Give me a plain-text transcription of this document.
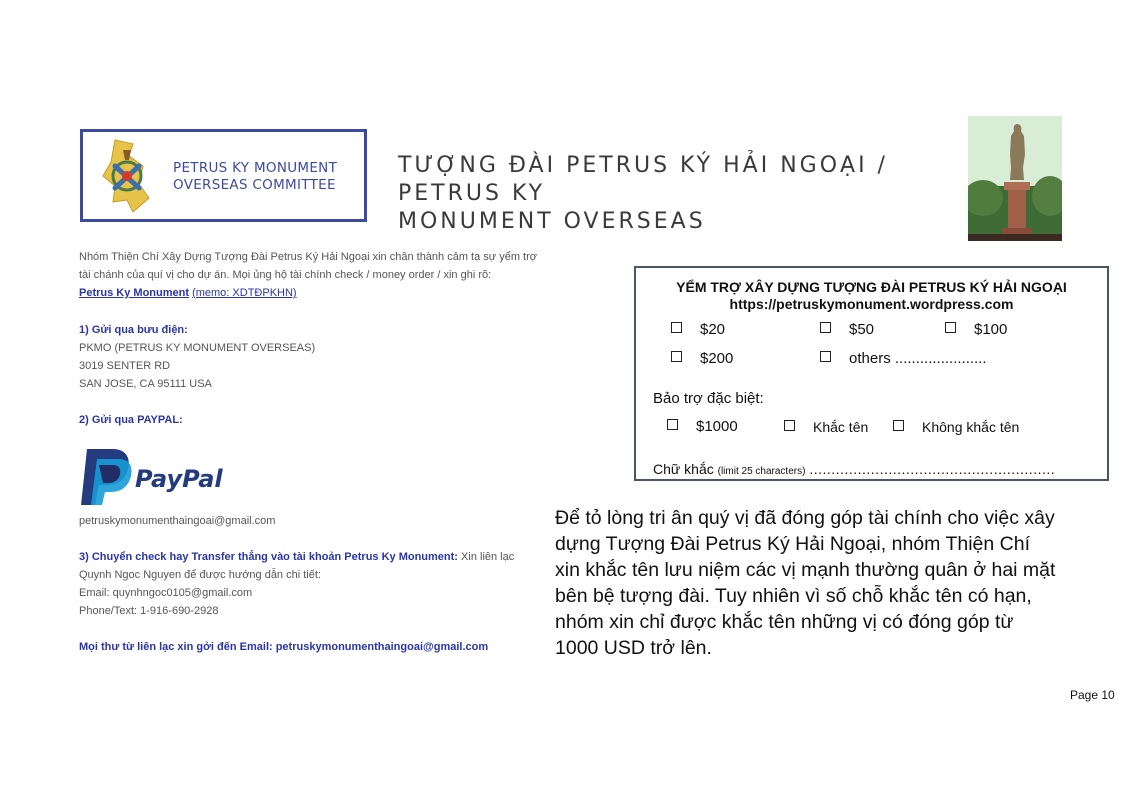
PETRUS KY MONUMENT
OVERSEAS COMMITTEE
TƯỢNG ĐÀI PETRUS KÝ HẢI NGOẠI / PETRUS KY
MONUMENT OVERSEAS
Nhóm Thiện Chí Xây Dựng Tượng Đài Petrus Ký Hải Ngoại xin chân thành cảm tạ sự yểm trợ
tài chánh của quí vị cho dự án. Mọi ủng hộ tài chính check / money order / xin ghi rõ:
Petrus Ky Monument (memo: XDTĐPKHN)
1) Gửi qua bưu điện:
PKMO (PETRUS KY MONUMENT OVERSEAS)
3019 SENTER RD
SAN JOSE, CA 95111 USA
2) Gửi qua PAYPAL:
PayPal
petruskymonumenthaingoai@gmail.com
3) Chuyển check hay Transfer thẳng vào tài khoản Petrus Ky Monument: Xin liên lạc
Quynh Ngoc Nguyen để được hướng dẫn chi tiết:
Email: quynhngoc0105@gmail.com
Phone/Text: 1-916-690-2928
Mọi thư từ liên lạc xin gởi đến Email: petruskymonumenthaingoai@gmail.com
YỂM TRỢ XÂY DỰNG TƯỢNG ĐÀI PETRUS KÝ HẢI NGOẠI
https://petruskymonument.wordpress.com
$20	$50	$100
$200	others ......................
Bảo trợ đặc biệt:
$1000	Khắc tên	Không khắc tên
Chữ khắc (limit 25 characters) ........................................................
Để tỏ lòng tri ân quý vị đã đóng góp tài chính cho việc xây
dựng Tượng Đài Petrus Ký Hải Ngoại, nhóm Thiện Chí
xin khắc tên lưu niệm các vị mạnh thường quân ở hai mặt
bên bệ tượng đài. Tuy nhiên vì số chỗ khắc tên có hạn,
nhóm xin chỉ được khắc tên những vị có đóng góp từ
1000 USD trở lên.
Page 10
